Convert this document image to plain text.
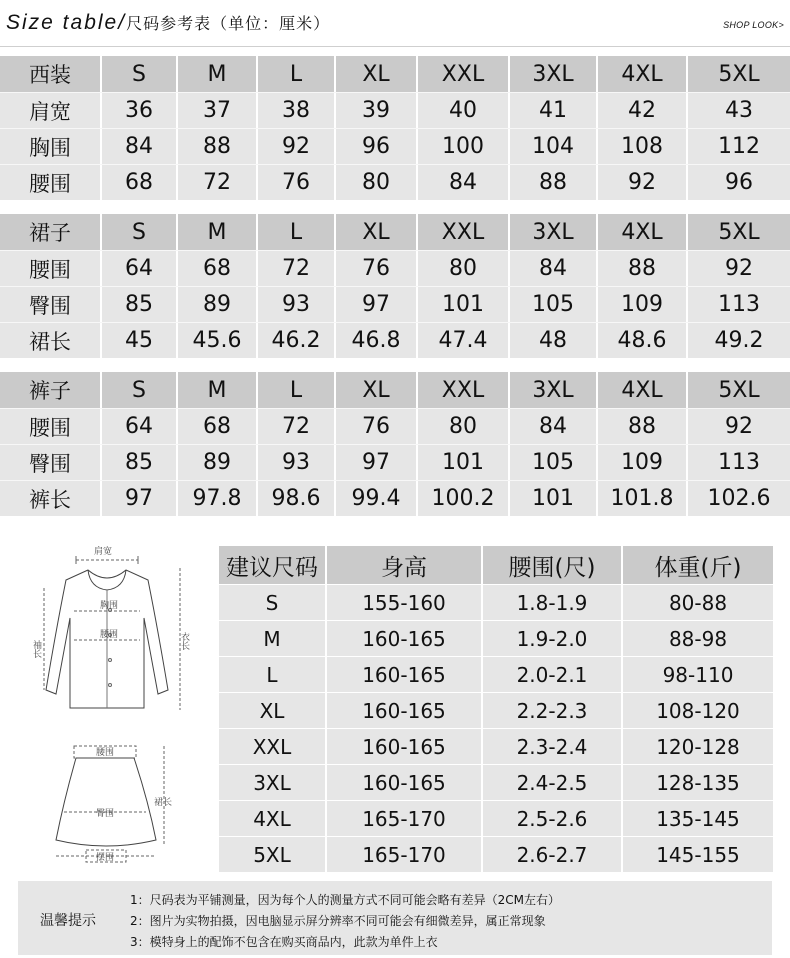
Size table/尺码参考表（单位：厘米）	SHOP LOOK>
西装	S	M	L	XL	XXL	3XL	4XL	5XL
肩宽	36	37	38	39	40	41	42	43
胸围	84	88	92	96	100	104	108	112
腰围	68	72	76	80	84	88	92	96
裙子	S	M	L	XL	XXL	3XL	4XL	5XL
腰围	64	68	72	76	80	84	88	92
臀围	85	89	93	97	101	105	109	113
裙长	45	45.6	46.2	46.8	47.4	48	48.6	49.2
裤子	S	M	L	XL	XXL	3XL	4XL	5XL
腰围	64	68	72	76	80	84	88	92
臀围	85	89	93	97	101	105	109	113
裤长	97	97.8	98.6	99.4	100.2	101	101.8	102.6
肩宽
胸围
腰围
袖长	衣长
腰围
臀围
裙长
摆围
建议尺码	身高	腰围(尺)	体重(斤)
S	155-160	1.8-1.9	80-88
M	160-165	1.9-2.0	88-98
L	160-165	2.0-2.1	98-110
XL	160-165	2.2-2.3	108-120
XXL	160-165	2.3-2.4	120-128
3XL	160-165	2.4-2.5	128-135
4XL	165-170	2.5-2.6	135-145
5XL	165-170	2.6-2.7	145-155
温馨提示
1：尺码表为平铺测量，因为每个人的测量方式不同可能会略有差异（2CM左右）
2：图片为实物拍摄，因电脑显示屏分辨率不同可能会有细微差异，属正常现象
3：模特身上的配饰不包含在购买商品内，此款为单件上衣
